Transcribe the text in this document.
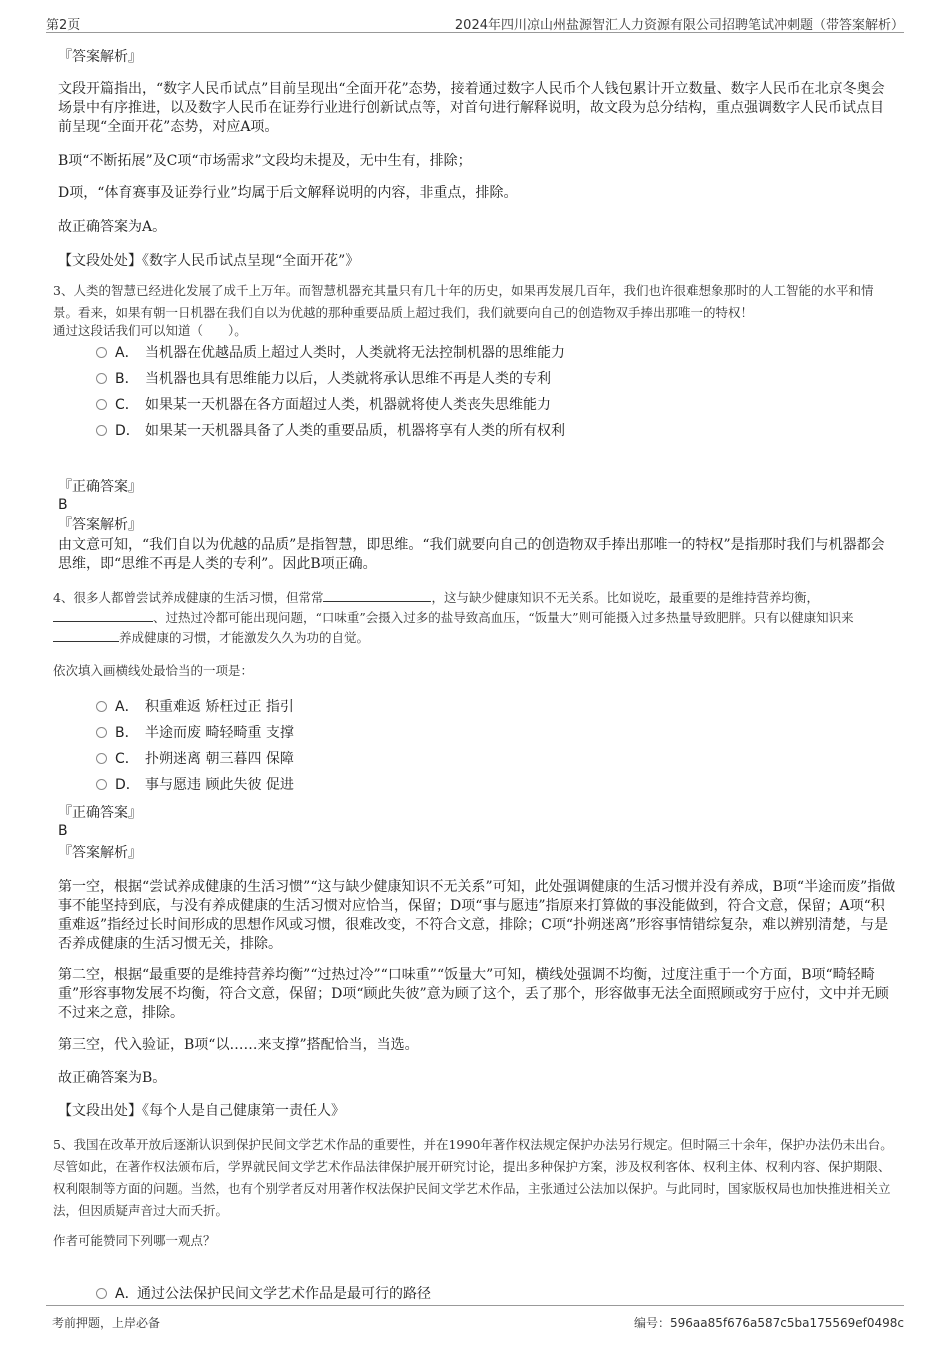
第2页	2024年四川凉山州盐源智汇人力资源有限公司招聘笔试冲刺题（带答案解析）
『答案解析』
文段开篇指出，“数字人民币试点”目前呈现出“全面开花”态势，接着通过数字人民币个人钱包累计开立数量、数字人民币在北京冬奥会场景中有序推进，以及数字人民币在证券行业进行创新试点等，对首句进行解释说明，故文段为总分结构，重点强调数字人民币试点目前呈现“全面开花”态势，对应A项。
B项“不断拓展”及C项“市场需求”文段均未提及，无中生有，排除；
D项，“体育赛事及证券行业”均属于后文解释说明的内容，非重点，排除。
故正确答案为A。
【文段处处】《数字人民币试点呈现“全面开花”》
3、人类的智慧已经进化发展了成千上万年。而智慧机器充其量只有几十年的历史，如果再发展几百年，我们也许很难想象那时的人工智能的水平和情景。看来，如果有朝一日机器在我们自以为优越的那种重要品质上超过我们，我们就要向自己的创造物双手捧出那唯一的特权！
通过这段话我们可以知道（　　）。
A． 当机器在优越品质上超过人类时，人类就将无法控制机器的思维能力
B． 当机器也具有思维能力以后，人类就将承认思维不再是人类的专利
C． 如果某一天机器在各方面超过人类，机器就将使人类丧失思维能力
D． 如果某一天机器具备了人类的重要品质，机器将享有人类的所有权利
『正确答案』
B
『答案解析』
由文意可知，“我们自以为优越的品质”是指智慧，即思维。“我们就要向自己的创造物双手捧出那唯一的特权”是指那时我们与机器都会思维，即“思维不再是人类的专利”。因此B项正确。
4、很多人都曾尝试养成健康的生活习惯，但常常	，这与缺少健康知识不无关系。比如说吃，最重要的是维持营养均衡，、过热过冷都可能出现问题，“口味重”会摄入过多的盐导致高血压，“饭量大”则可能摄入过多热量导致肥胖。只有以健康知识来养成健康的习惯，才能激发久久为功的自觉。
依次填入画横线处最恰当的一项是：
A． 积重难返 矫枉过正 指引
B． 半途而废 畸轻畸重 支撑
C． 扑朔迷离 朝三暮四 保障
D． 事与愿违 顾此失彼 促进
『正确答案』
B
『答案解析』
第一空，根据“尝试养成健康的生活习惯”“这与缺少健康知识不无关系”可知，此处强调健康的生活习惯并没有养成，B项“半途而废”指做事不能坚持到底，与没有养成健康的生活习惯对应恰当，保留；D项“事与愿违”指原来打算做的事没能做到，符合文意，保留；A项“积重难返”指经过长时间形成的思想作风或习惯，很难改变，不符合文意，排除；C项“扑朔迷离”形容事情错综复杂，难以辨别清楚，与是否养成健康的生活习惯无关，排除。
第二空，根据“最重要的是维持营养均衡”“过热过冷”“口味重”“饭量大”可知，横线处强调不均衡，过度注重于一个方面，B项“畸轻畸重”形容事物发展不均衡，符合文意，保留；D项“顾此失彼”意为顾了这个，丢了那个，形容做事无法全面照顾或穷于应付，文中并无顾不过来之意，排除。
第三空，代入验证，B项“以……来支撑”搭配恰当，当选。
故正确答案为B。
【文段出处】《每个人是自己健康第一责任人》
5、我国在改革开放后逐渐认识到保护民间文学艺术作品的重要性，并在1990年著作权法规定保护办法另行规定。但时隔三十余年，保护办法仍未出台。尽管如此，在著作权法颁布后，学界就民间文学艺术作品法律保护展开研究讨论，提出多种保护方案，涉及权利客体、权利主体、权利内容、保护期限、权利限制等方面的问题。当然，也有个别学者反对用著作权法保护民间文学艺术作品，主张通过公法加以保护。与此同时，国家版权局也加快推进相关立法，但因质疑声音过大而夭折。
作者可能赞同下列哪一观点？
A．通过公法保护民间文学艺术作品是最可行的路径
考前押题，上岸必备	编号：596aa85f676a587c5ba175569ef0498c
